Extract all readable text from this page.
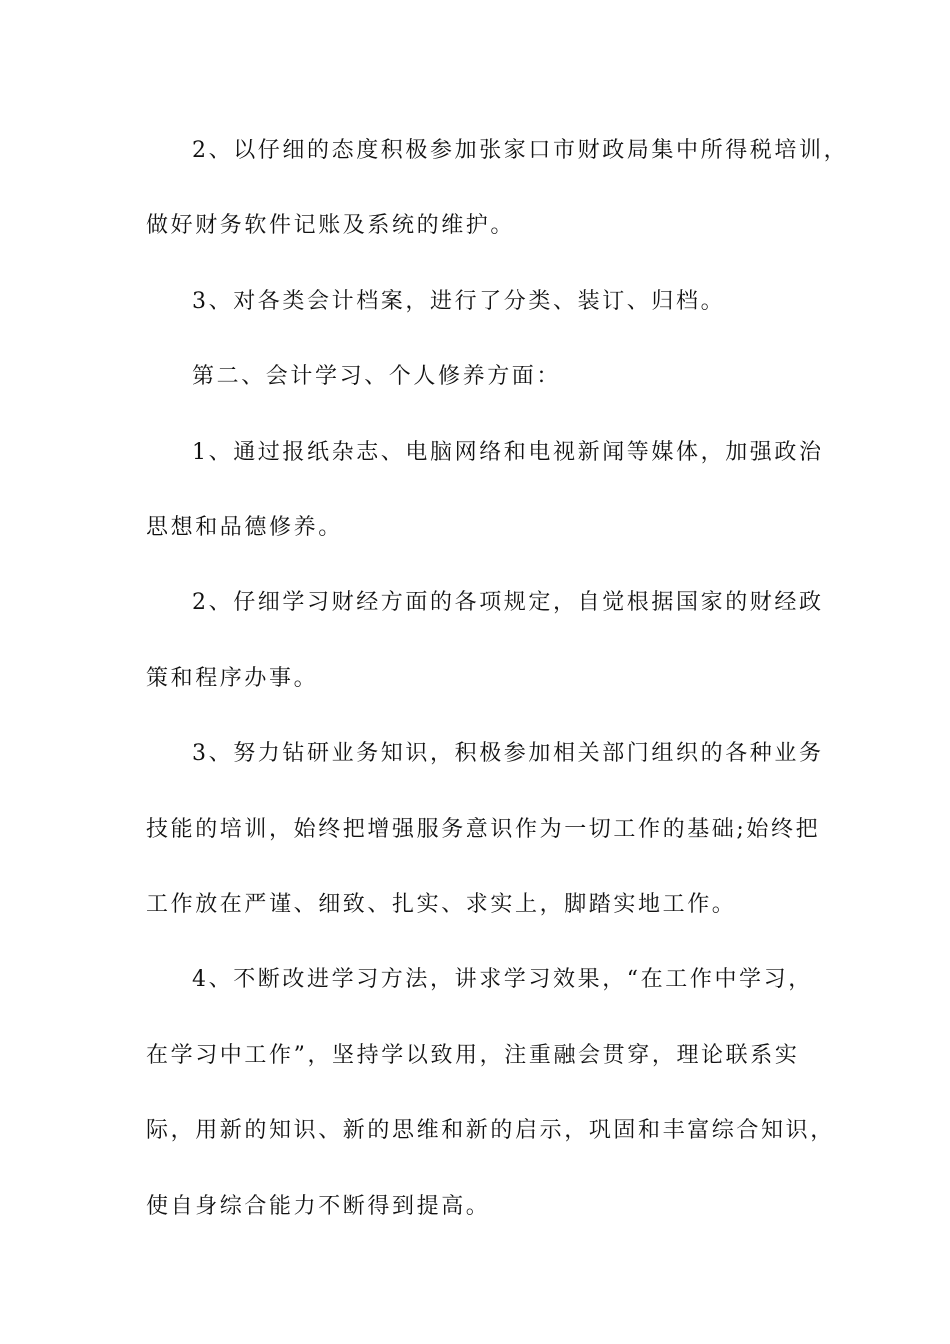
2、以仔细的态度积极参加张家口市财政局集中所得税培训，
做好财务软件记账及系统的维护。
3、对各类会计档案，进行了分类、装订、归档。
第二、会计学习、个人修养方面：
1、通过报纸杂志、电脑网络和电视新闻等媒体，加强政治
思想和品德修养。
2、仔细学习财经方面的各项规定，自觉根据国家的财经政
策和程序办事。
3、努力钻研业务知识，积极参加相关部门组织的各种业务
技能的培训，始终把增强服务意识作为一切工作的基础;始终把
工作放在严谨、细致、扎实、求实上，脚踏实地工作。
4、不断改进学习方法，讲求学习效果，“在工作中学习，
在学习中工作”，坚持学以致用，注重融会贯穿，理论联系实
际，用新的知识、新的思维和新的启示，巩固和丰富综合知识，
使自身综合能力不断得到提高。
